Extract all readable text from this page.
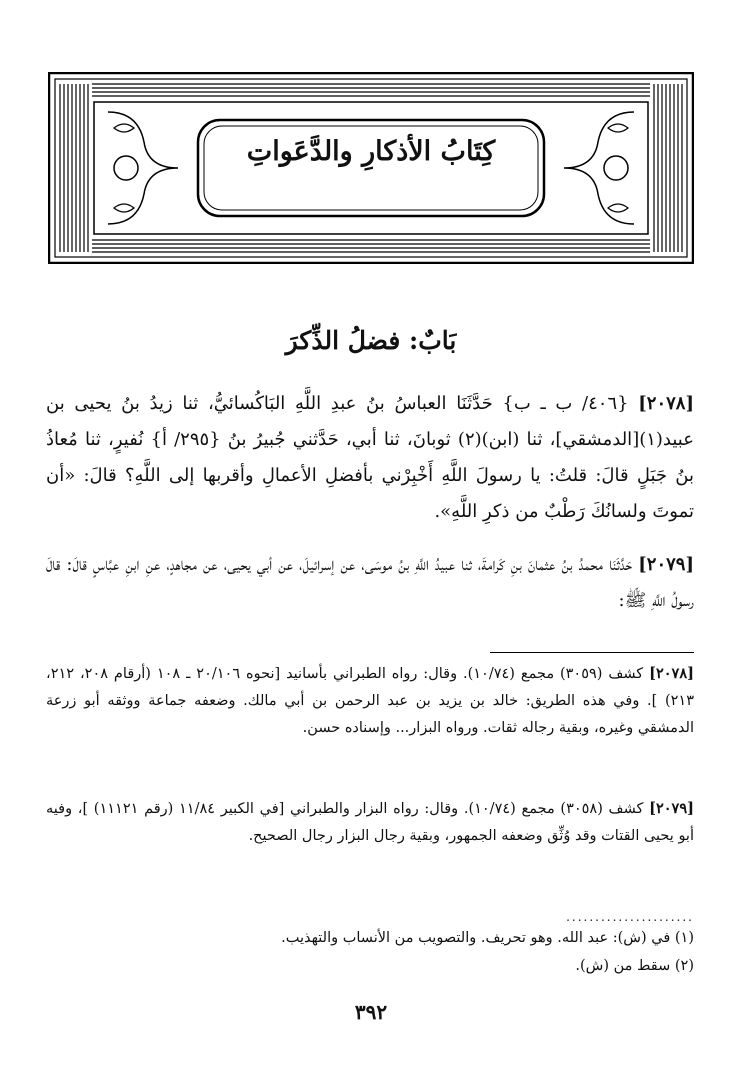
كِتَابُ الأذكارِ والدَّعَواتِ
بَابٌ: فضلُ الذِّكرَ
[٢٠٧٨] {٤٠٦/ ب ـ ب} حَدَّثَنَا العباسُ بنُ عبدِ اللَّهِ البَاكُسائيُّ، ثنا زيدُ بنُ يحيى بن عبيد(١)[الدمشقي]، ثنا (ابن)(٢) ثوبانَ، ثنا أبي، حَدَّثني جُبيرُ بنُ {٢٩٥/ أ} نُفيرٍ، ثنا مُعاذُ بنُ جَبَلٍ قالَ: قلتُ: يا رسولَ اللَّهِ أَخْبِرْني بأفضلِ الأعمالِ وأقربها إلى اللَّهِ؟ قالَ: «أن تموتَ ولسانُكَ رَطْبٌ من ذكرِ اللَّهِ».
[٢٠٧٩] حَدَّثَنَا محمدُ بنُ عثمانَ بنِ كَرامةَ، ثنا عبيدُ اللَّهِ بنُ موسَى، عن إسرائيلَ، عن أبي يحيى، عن مجاهدٍ، عنِ ابنِ عبَّاسٍ قالَ: قالَ رسولُ اللَّهِ ﷺ:
[٢٠٧٨] كشف (٣٠٥٩) مجمع (١٠/٧٤). وقال: رواه الطبراني بأسانيد [نحوه ٢٠/١٠٦ ـ ١٠٨ (أرقام ٢٠٨، ٢١٢، ٢١٣) ]. وفي هذه الطريق: خالد بن يزيد بن عبد الرحمن بن أبي مالك. وضعفه جماعة ووثقه أبو زرعة الدمشقي وغيره، وبقية رجاله ثقات. ورواه البزار... وإسناده حسن.
[٢٠٧٩] كشف (٣٠٥٨) مجمع (١٠/٧٤). وقال: رواه البزار والطبراني [في الكبير ١١/٨٤ (رقم ١١١٢١) ]، وفيه أبو يحيى القتات وقد وُثِّق وضعفه الجمهور، وبقية رجال البزار رجال الصحيح.
......................
(١) في (ش): عبد الله. وهو تحريف. والتصويب من الأنساب والتهذيب.
(٢) سقط من (ش).
٣٩٢
